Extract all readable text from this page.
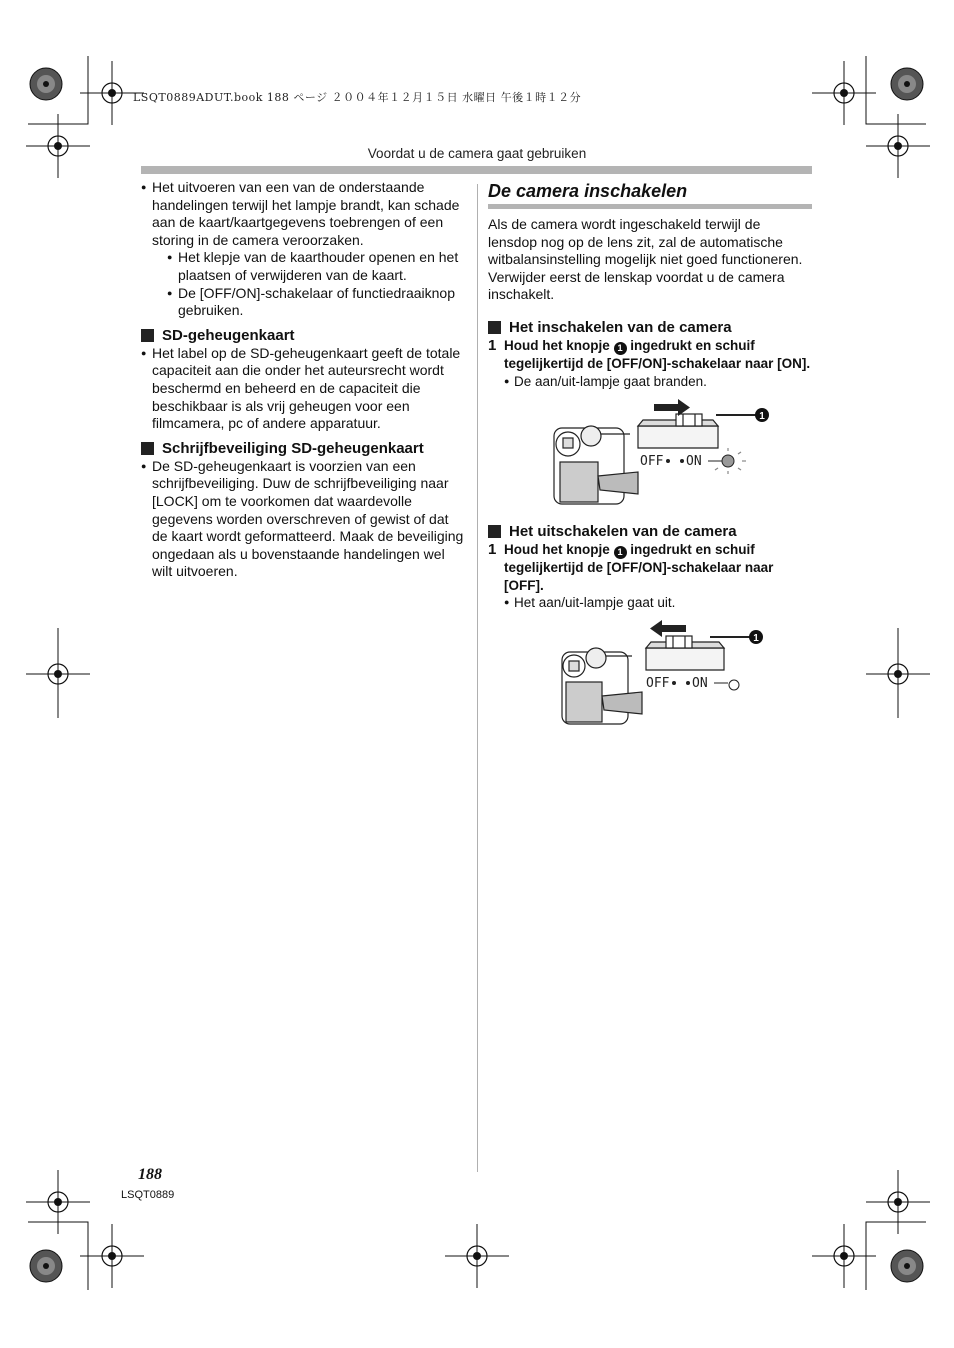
LSQT0889ADUT.book 188 ページ ２００４年１２月１５日 水曜日 午後１時１２分
Voordat u de camera gaat gebruiken

● Het uitvoeren van een van de onderstaande handelingen terwijl het lampje brandt, kan schade aan de kaart/kaartgegevens toebrengen of een storing in de camera veroorzaken.

● Het klepje van de kaarthouder openen en het plaatsen of verwijderen van de kaart.

● De [OFF/ON]-schakelaar of functiedraaiknop gebruiken.

SD-geheugenkaart

● Het label op de SD-geheugenkaart geeft de totale capaciteit aan die onder het auteursrecht wordt beschermd en beheerd en de capaciteit die beschikbaar is als vrij geheugen voor een filmcamera, pc of andere apparatuur.

Schrijfbeveiliging SD-geheugenkaart

● De SD-geheugenkaart is voorzien van een schrijfbeveiliging. Duw de schrijfbeveiliging naar [LOCK] om te voorkomen dat waardevolle gegevens worden overschreven of gewist of dat de kaart wordt geformatteerd. Maak de beveiliging ongedaan als u bovenstaande handelingen wel wilt uitvoeren.

De camera inschakelen

Als de camera wordt ingeschakeld terwijl de lensdop nog op de lens zit, zal de automatische witbalansinstelling mogelijk niet goed functioneren. Verwijder eerst de lenskap voordat u de camera inschakelt.

Het inschakelen van de camera
1 Houd het knopje 1 ingedrukt en schuif tegelijkertijd de [OFF/ON]-schakelaar naar [ON].

● De aan/uit-lampje gaat branden.

1
OFF ON
Het uitschakelen van de camera
1 Houd het knopje 1 ingedrukt en schuif tegelijkertijd de [OFF/ON]-schakelaar naar [OFF].

● Het aan/uit-lampje gaat uit.

1
OFF ON
188
LSQT0889
